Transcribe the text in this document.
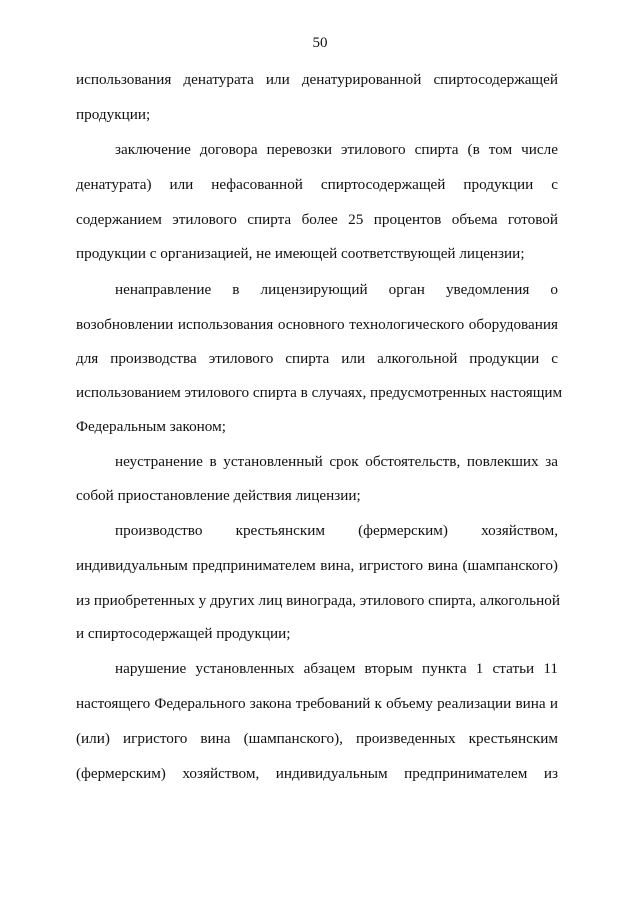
50
использования денатурата или денатурированной спиртосодержащей
продукции;
заключение договора перевозки этилового спирта (в том числе
денатурата) или нефасованной спиртосодержащей продукции с
содержанием этилового спирта более 25 процентов объема готовой
продукции с организацией, не имеющей соответствующей лицензии;
ненаправление в лицензирующий орган уведомления о
возобновлении использования основного технологического оборудования
для производства этилового спирта или алкогольной продукции с
использованием этилового спирта в случаях, предусмотренных настоящим
Федеральным законом;
неустранение в установленный срок обстоятельств, повлекших за
собой приостановление действия лицензии;
производство крестьянским (фермерским) хозяйством,
индивидуальным предпринимателем вина, игристого вина (шампанского)
из приобретенных у других лиц винограда, этилового спирта, алкогольной
и спиртосодержащей продукции;
нарушение установленных абзацем вторым пункта 1 статьи 11
настоящего Федерального закона требований к объему реализации вина и
(или) игристого вина (шампанского), произведенных крестьянским
(фермерским) хозяйством, индивидуальным предпринимателем из
